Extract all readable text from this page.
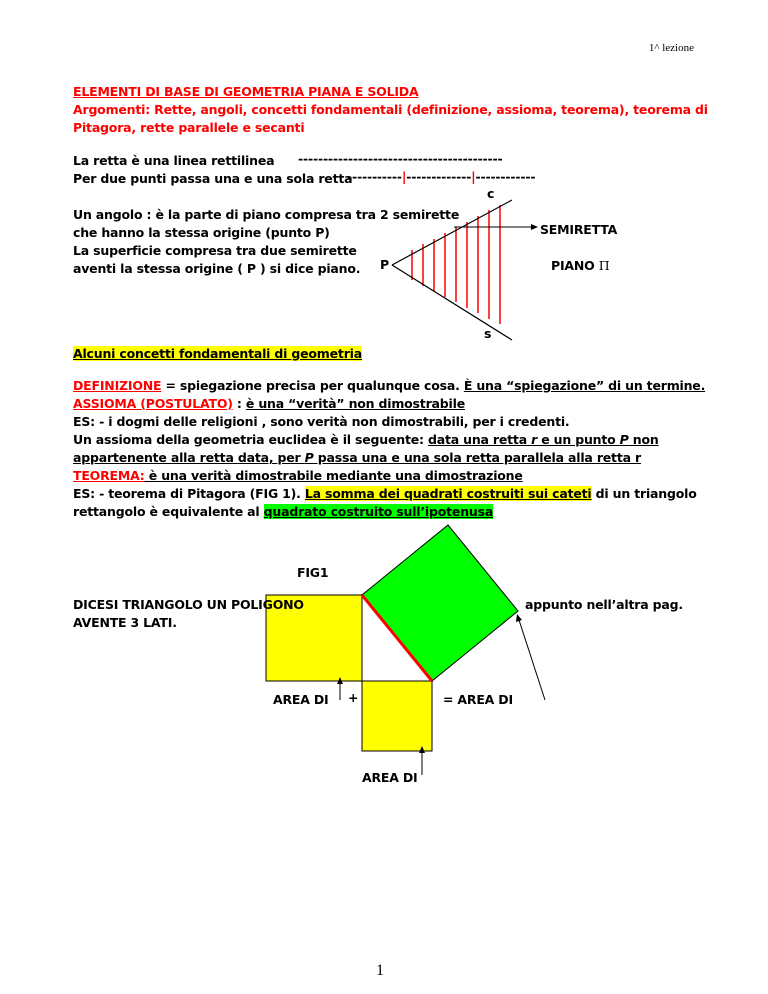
1^ lezione
ELEMENTI DI BASE DI GEOMETRIA PIANA E SOLIDA
Argomenti: Rette, angoli, concetti fondamentali (definizione, assioma, teorema), teorema di
Pitagora, rette parallele e secanti
La retta è una linea rettilinea -----------------------------------------
Per due punti passa una e una sola retta
-----------|-------------|------------
Un angolo : è la parte di piano compresa tra 2 semirette
che hanno la stessa origine (punto P)
La superficie compresa tra due semirette
aventi la stessa origine ( P ) si dice piano.
c
P
s
SEMIRETTA
PIANO Π
Alcuni concetti fondamentali di geometria
DEFINIZIONE = spiegazione precisa per qualunque cosa. È una “spiegazione” di un termine.
ASSIOMA (POSTULATO) : è una “verità” non dimostrabile
ES: - i dogmi delle religioni , sono verità non dimostrabili, per i credenti.
Un assioma della geometria euclidea è il seguente: data una retta r e un punto P non
appartenente alla retta data, per P passa una e una sola retta parallela alla retta r
TEOREMA: è una verità dimostrabile mediante una dimostrazione
ES: - teorema di Pitagora (FIG 1). La somma dei quadrati costruiti sui cateti di un triangolo
rettangolo è equivalente al quadrato costruito sull’ipotenusa
FIG1
DICESI TRIANGOLO UN POLIGONO
AVENTE 3 LATI.
appunto nell’altra pag.
AREA DI +	= AREA DI
AREA DI
1
